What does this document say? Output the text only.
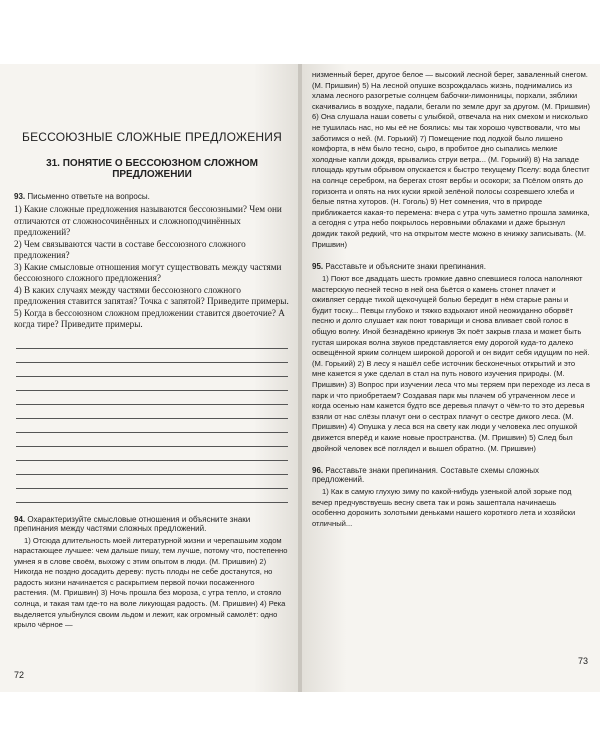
БЕССОЮЗНЫЕ СЛОЖНЫЕ ПРЕДЛОЖЕНИЯ
31. ПОНЯТИЕ О БЕССОЮЗНОМ СЛОЖНОМ ПРЕДЛОЖЕНИИ
93. Письменно ответьте на вопросы.

1) Какие сложные предложения называются бессоюзными? Чем они отличаются от сложносочинённых и сложноподчинённых предложений?

2) Чем связываются части в составе бессоюзного сложного предложения?

3) Какие смысловые отношения могут существовать между частями бессоюзного сложного предложения?

4) В каких случаях между частями бессоюзного сложного предложения ставится запятая? Точка с запятой? Приведите примеры.

5) Когда в бессоюзном сложном предложении ставится двоеточие? А когда тире? Приведите примеры.

94. Охарактеризуйте смысловые отношения и объясните знаки препинания между частями сложных предложений.

1) Отсюда длительность моей литературной жизни и черепашьим ходом нарастающее лучшее: чем дальше пишу, тем лучше, потому что, постепенно умнея я в слове своём, выхожу с этим опытом в люди. (М. Пришвин) 2) Никогда не поздно досадить дереву: пусть плоды не себе достанутся, но радость жизни начинается с раскрытием первой почки посаженного растения. (М. Пришвин) 3) Ночь прошла без мороза, с утра тепло, и стояло солнца, и такая там где-то на воле ликующая радость. (М. Пришвин) 4) Река выделяется улыбнулся своим льдом и лежит, как огромный самолёт: одно крыло чёрное —

72

низменный берег, другое белое — высокий лесной берег, заваленный снегом. (М. Пришвин) 5) На лесной опушке возрождалась жизнь, поднимались из хлама лесного разогретые солнцем бабочки-лимонницы, порхали, зяблики скачивались в воздухе, падали, бегали по земле друг за другом. (М. Пришвин) 6) Она слушала наши советы с улыбкой, отвечала на них смехом и нисколько не тушилась нас, но мы её не боялись: мы так хорошо чувствовали, что мы заботимся о ней. (М. Горький) 7) Помещение под лодкой было лишено комфорта, в нём было тесно, сыро, в пробитое дно сыпались мелкие холодные капли дождя, врывались струи ветра... (М. Горький) 8) На западе площадь крутым обрывом опускается к быстро текущему Пселу: вода блестит на солнце серебром, на берегах стоят вербы и осокори; за Псёлом опять до горизонта и опять на них куски яркой зелёной полосы созревшего хлеба и белые пятна хуторов. (Н. Гоголь) 9) Нет сомнения, что в природе приближается какая-то перемена: вчера с утра чуть заметно прошла заминка, а сегодня с утра небо покрылось неровными облаками и даже брызнул дождик такой редкий, что на открытом месте можно в книжку записывать. (М. Пришвин)

95. Расставьте и объясните знаки препинания.

1) Поют все двадцать шесть громкие давно спевшиеся голоса наполняют мастерскую песней тесно в ней она бьётся о камень стонет плачет и оживляет сердце тихой щекочущей болью бередит в нём старые раны и будит тоску... Певцы глубоко и тяжко вздыхают иной неожиданно оборвёт песню и долго слушает как поют товарищи и снова вливает свой голос в общую волну. Иной безнадёжно крикнув Эх поёт закрыв глаза и может быть густая широкая волна звуков представляется ему дорогой куда-то далеко освещённой ярким солнцем широкой дорогой и он видит себя идущим по ней. (М. Горький) 2) В лесу я нашёл себе источник бесконечных открытий и это мне кажется я уже сделал в стал на путь нового изучения природы. (М. Пришвин) 3) Вопрос при изучении леса что мы теряем при переходе из леса в парк и что приобретаем? Создавая парк мы плачем об утраченном лесе и когда осенью нам кажется будто все деревья плачут о чём-то то это деревья взяли от нас слёзы плачут они о сестрах плачут о сестре дикого леса. (М. Пришвин) 4) Опушка у леса вся на свету как люди у человека лес опушкой движется вперёд и какие новые пространства. (М. Пришвин) 5) След был двойной человек всё поглядел и вышел обратно. (М. Пришвин)

96. Расставьте знаки препинания. Составьте схемы сложных предложений.

1) Как в самую глухую зиму по какой-нибудь узенькой алой зорьке под вечер предчувствуешь весну света так и рожь зашептала начинаешь особенно дорожить золотыми деньками нашего короткого лета и хозяйски отличный...

73
